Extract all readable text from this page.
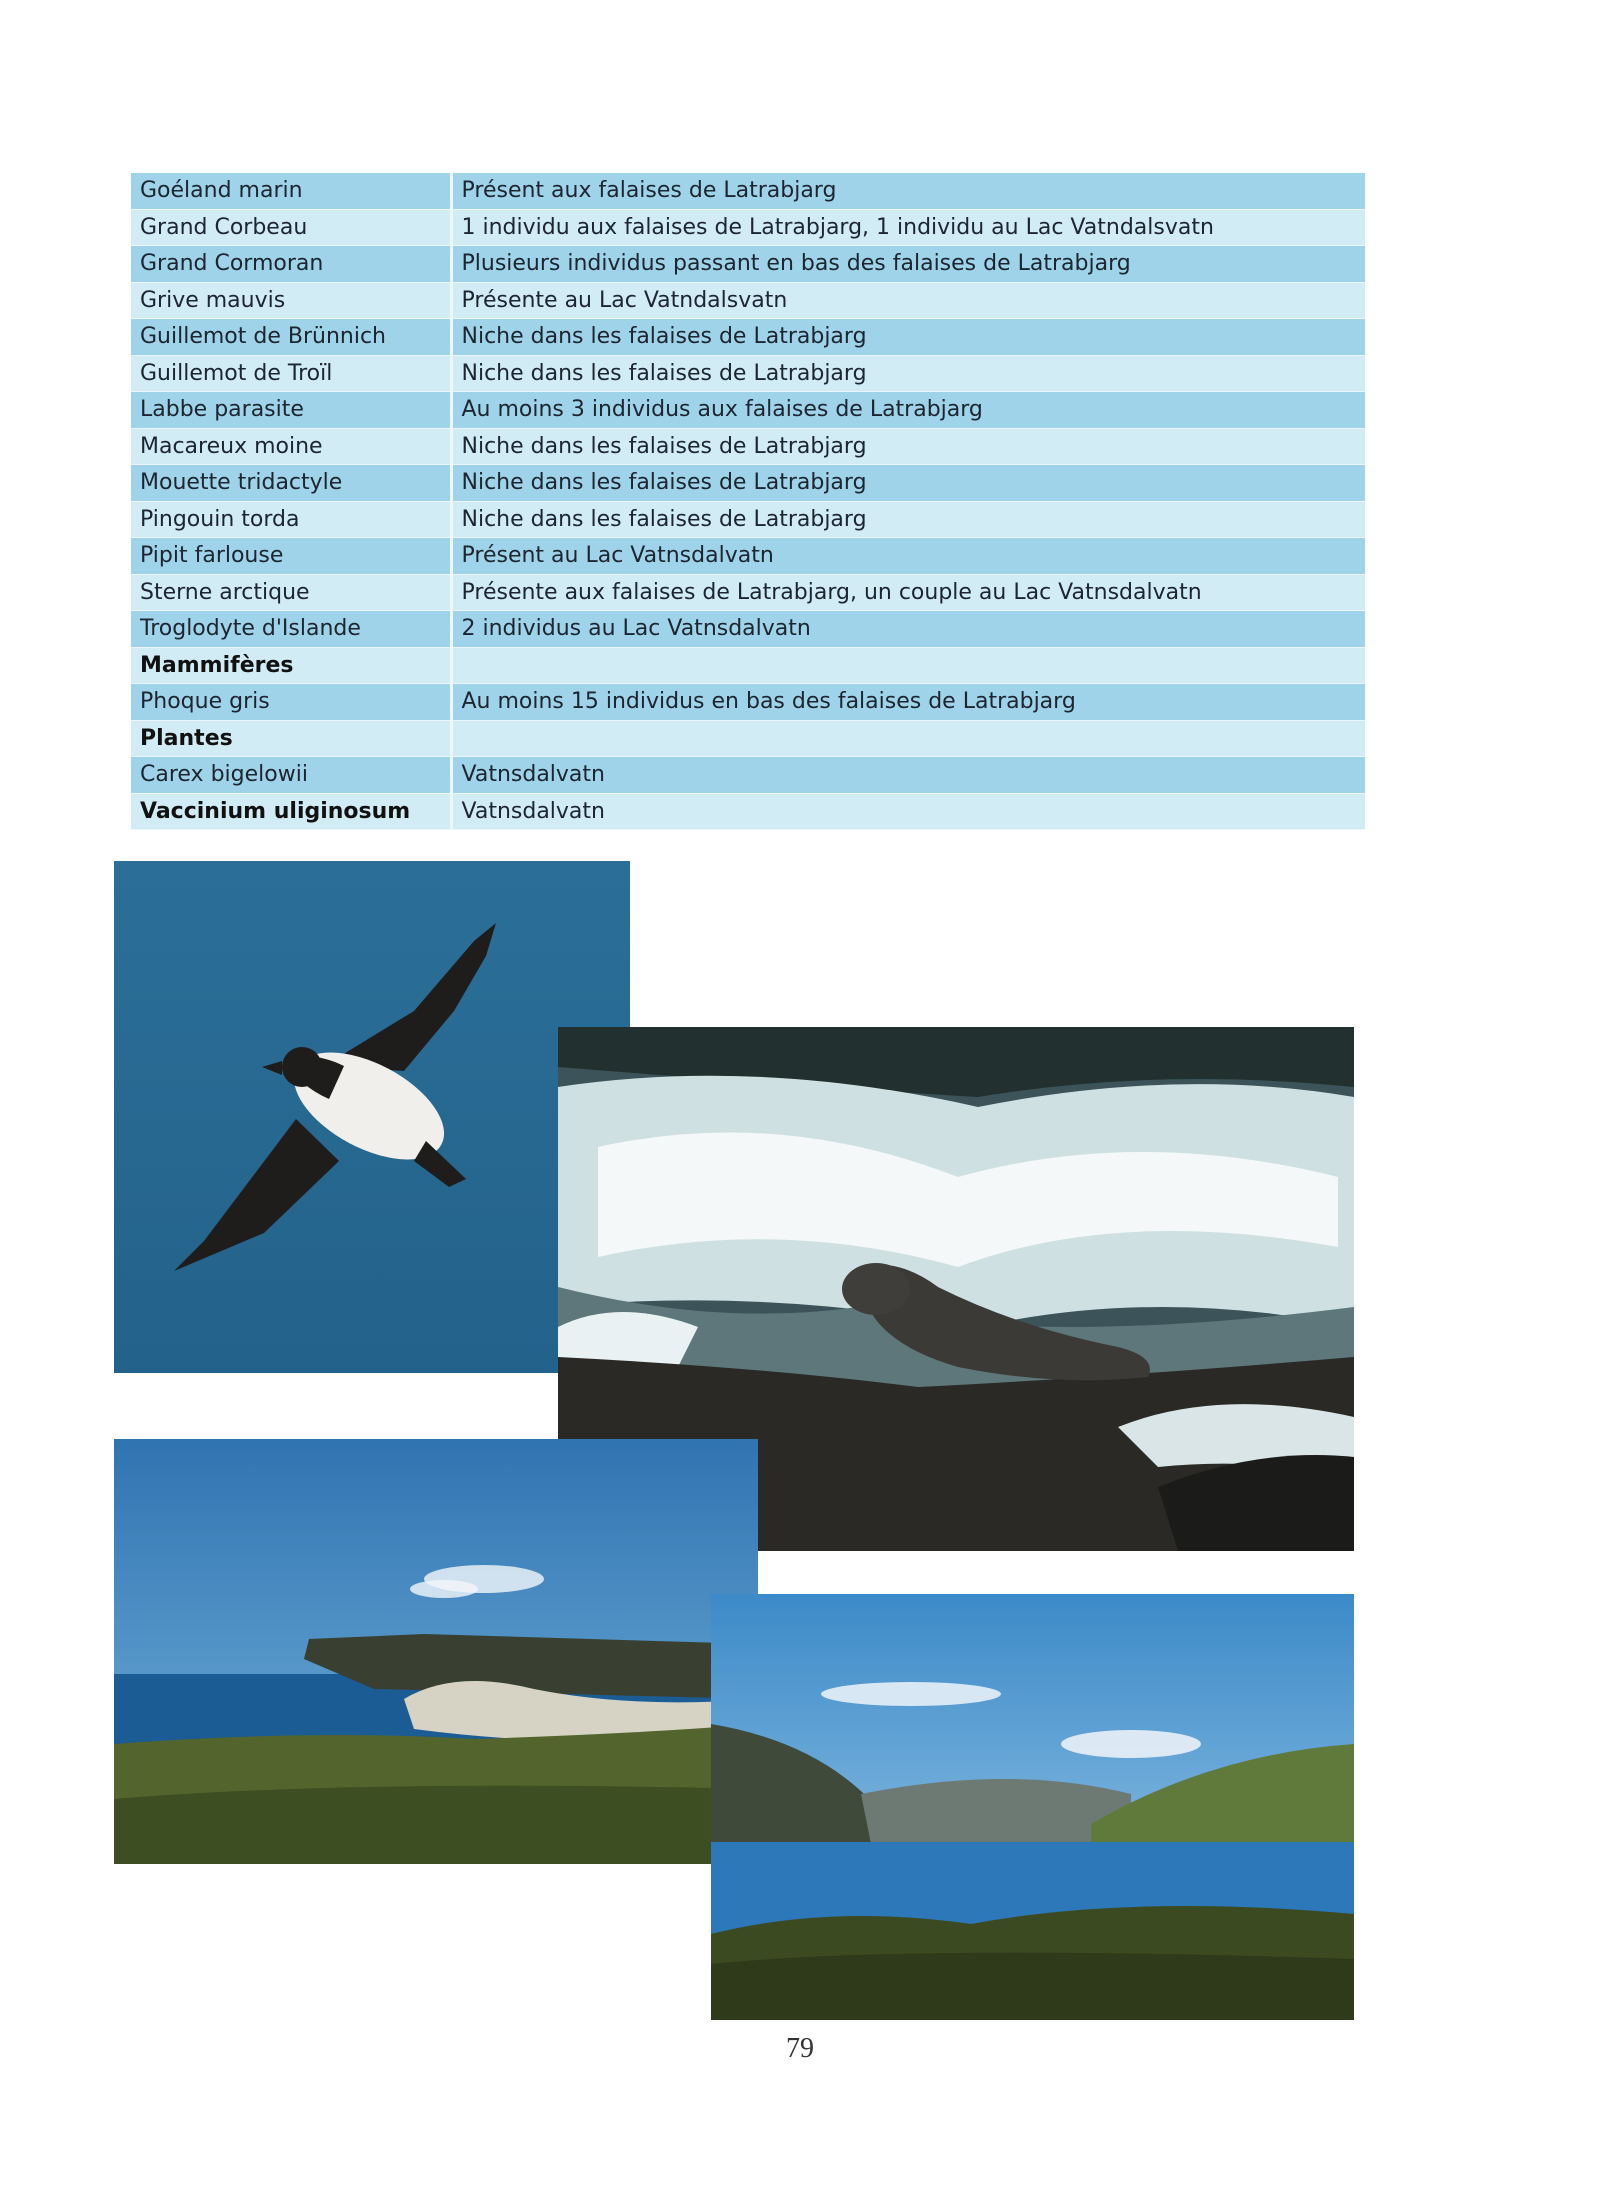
Goéland marin	Présent aux falaises de Latrabjarg
Grand Corbeau	1 individu aux falaises de Latrabjarg, 1 individu au Lac Vatndalsvatn
Grand Cormoran	Plusieurs individus passant en bas des falaises de Latrabjarg
Grive mauvis	Présente au Lac Vatndalsvatn
Guillemot de Brünnich	Niche dans les falaises de Latrabjarg
Guillemot de Troïl	Niche dans les falaises de Latrabjarg
Labbe parasite	Au moins 3 individus aux falaises de Latrabjarg
Macareux moine	Niche dans les falaises de Latrabjarg
Mouette tridactyle	Niche dans les falaises de Latrabjarg
Pingouin torda	Niche dans les falaises de Latrabjarg
Pipit farlouse	Présent au Lac Vatnsdalvatn
Sterne arctique	Présente aux falaises de Latrabjarg, un couple au Lac Vatnsdalvatn
Troglodyte d'Islande	2 individus au Lac Vatnsdalvatn
Mammifères	
Phoque gris	Au moins 15 individus en bas des falaises de Latrabjarg
Plantes	
Carex bigelowii	Vatnsdalvatn
Vaccinium uliginosum	Vatnsdalvatn
79
